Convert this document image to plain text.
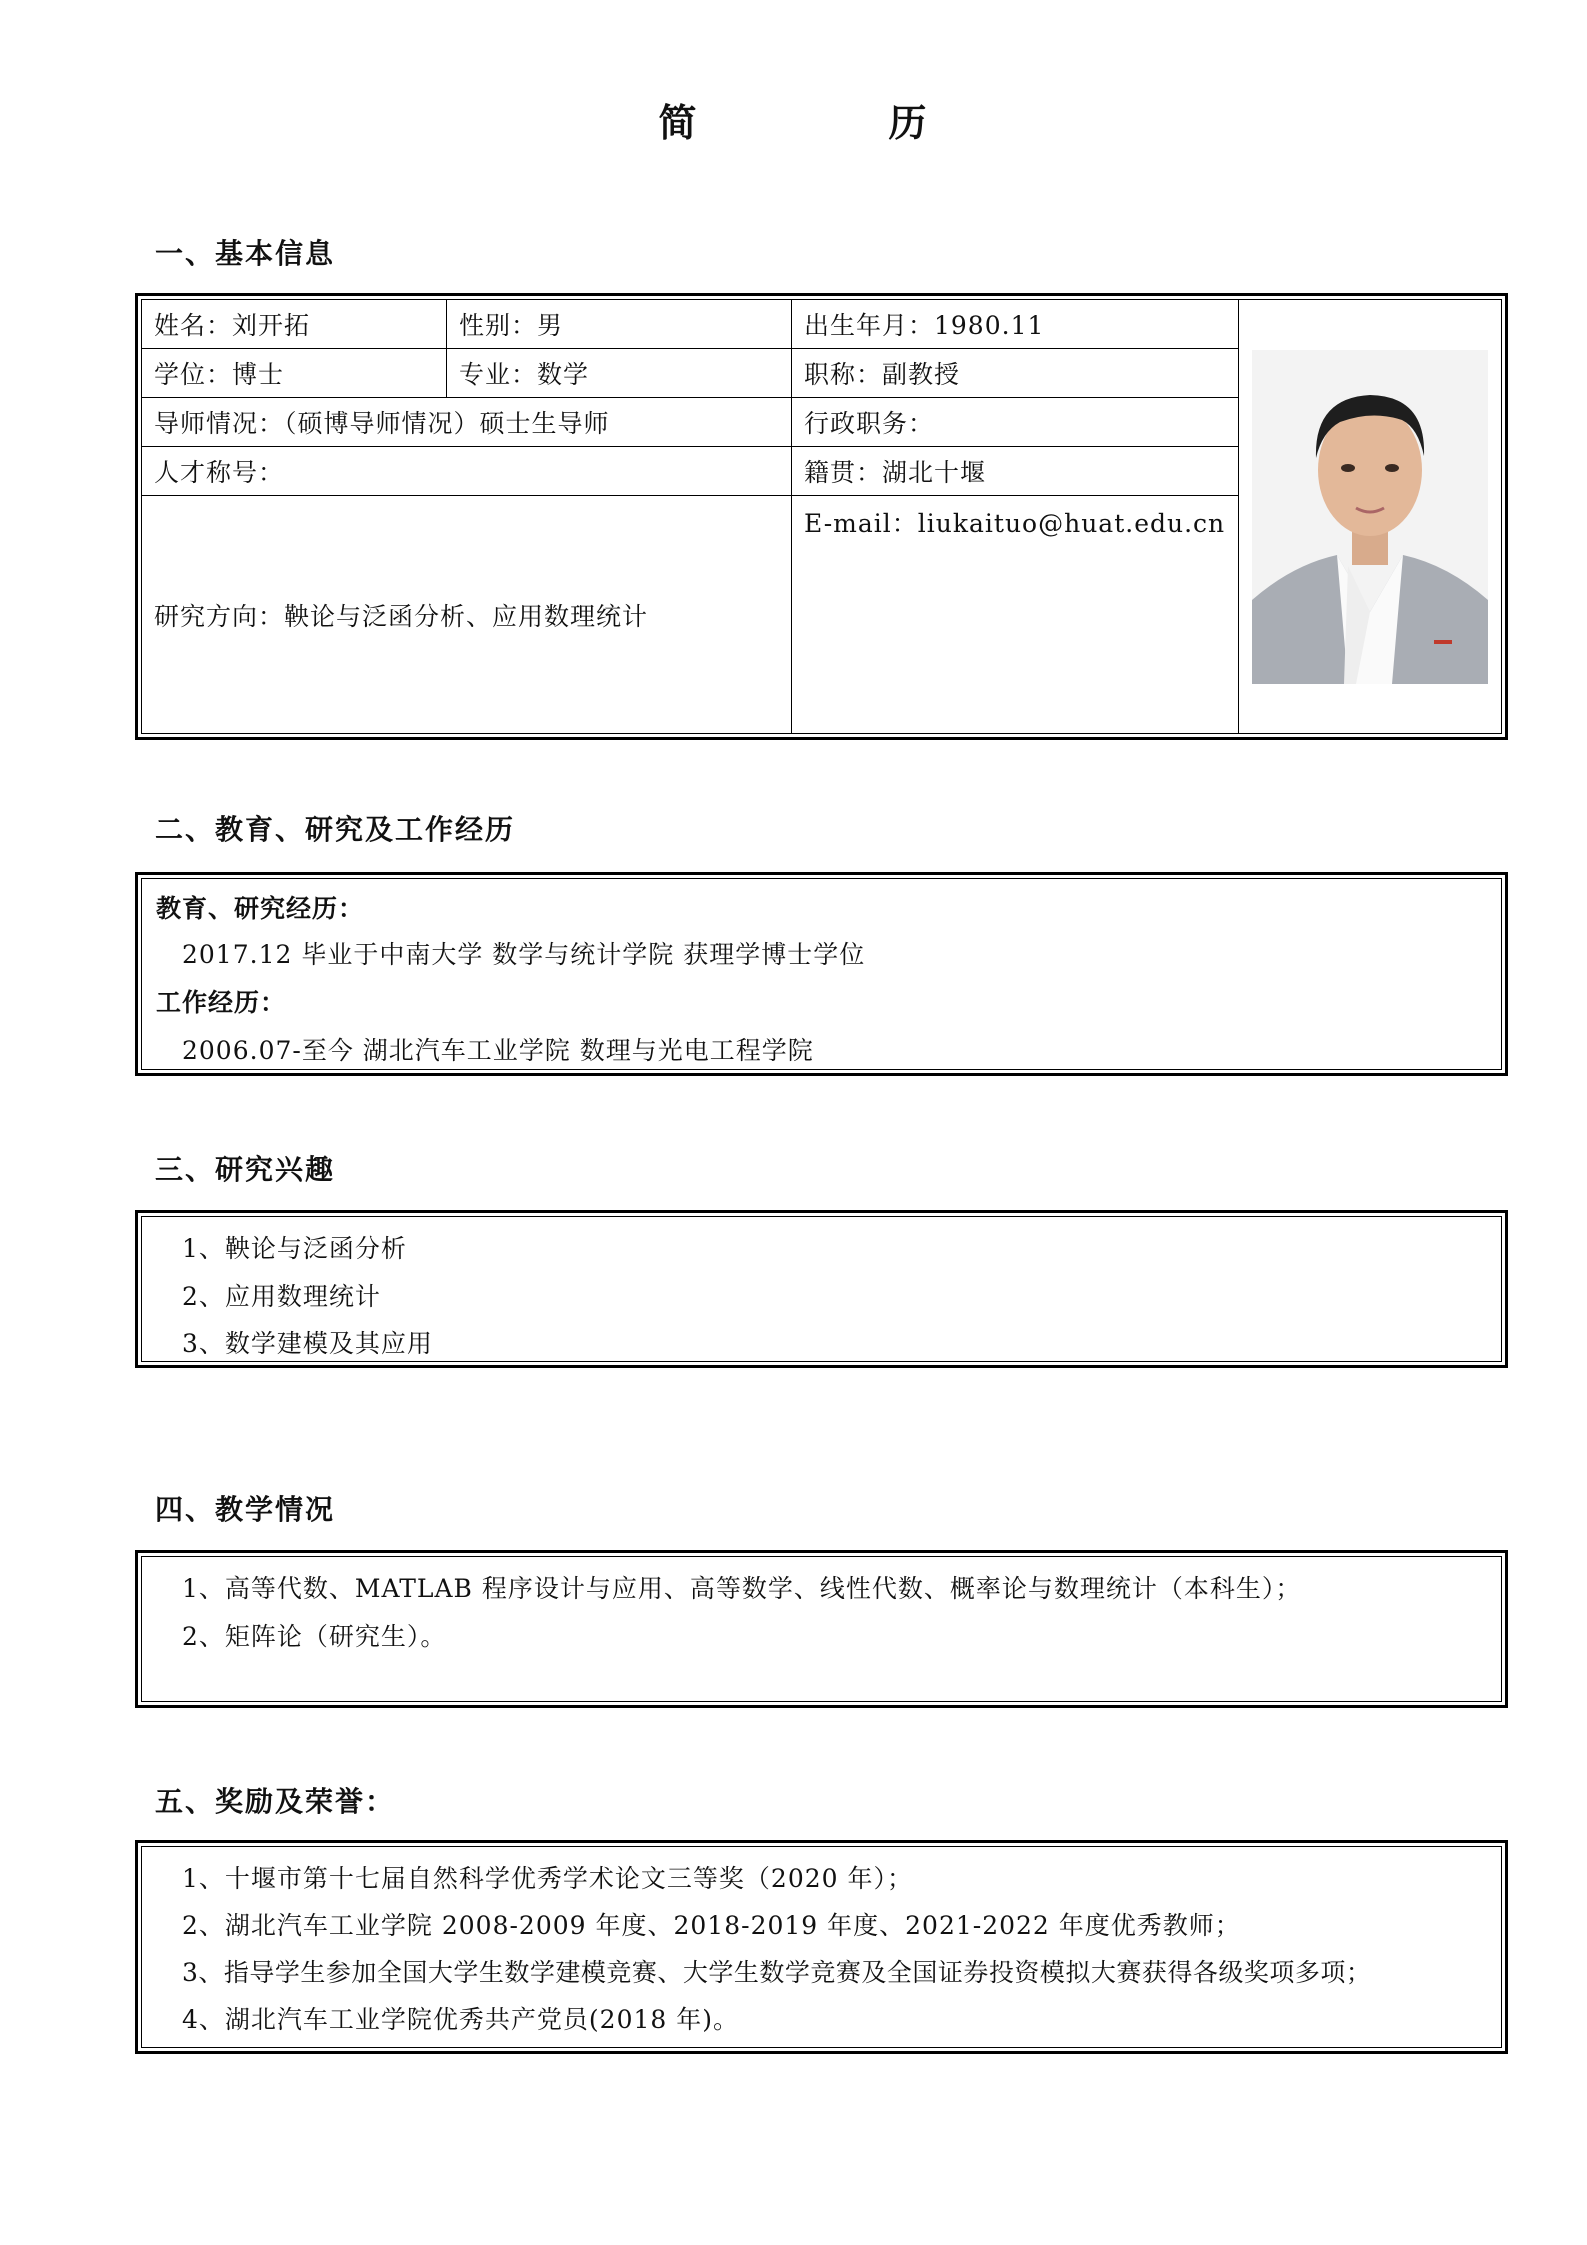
简	历
一、基本信息
姓名：刘开拓	性别：男	出生年月：1980.11	

学位：博士	专业：数学	职称：副教授	
导师情况：（硕博导师情况）硕士生导师		行政职务：	
人才称号：		籍贯：湖北十堰	
研究方向：鞅论与泛函分析、应用数理统计		E-mail：liukaituo@huat.edu.cn	
二、教育、研究及工作经历
教育、研究经历：
2017.12 毕业于中南大学 数学与统计学院 获理学博士学位
工作经历：
2006.07-至今 湖北汽车工业学院 数理与光电工程学院
三、研究兴趣
1、鞅论与泛函分析
2、应用数理统计
3、数学建模及其应用
四、教学情况
1、高等代数、MATLAB 程序设计与应用、高等数学、线性代数、概率论与数理统计（本科生）；
2、矩阵论（研究生）。
五、奖励及荣誉：
1、十堰市第十七届自然科学优秀学术论文三等奖（2020 年）；
2、湖北汽车工业学院 2008-2009 年度、2018-2019 年度、2021-2022 年度优秀教师；
3、指导学生参加全国大学生数学建模竞赛、大学生数学竞赛及全国证券投资模拟大赛获得各级奖项多项；
4、湖北汽车工业学院优秀共产党员(2018 年)。
